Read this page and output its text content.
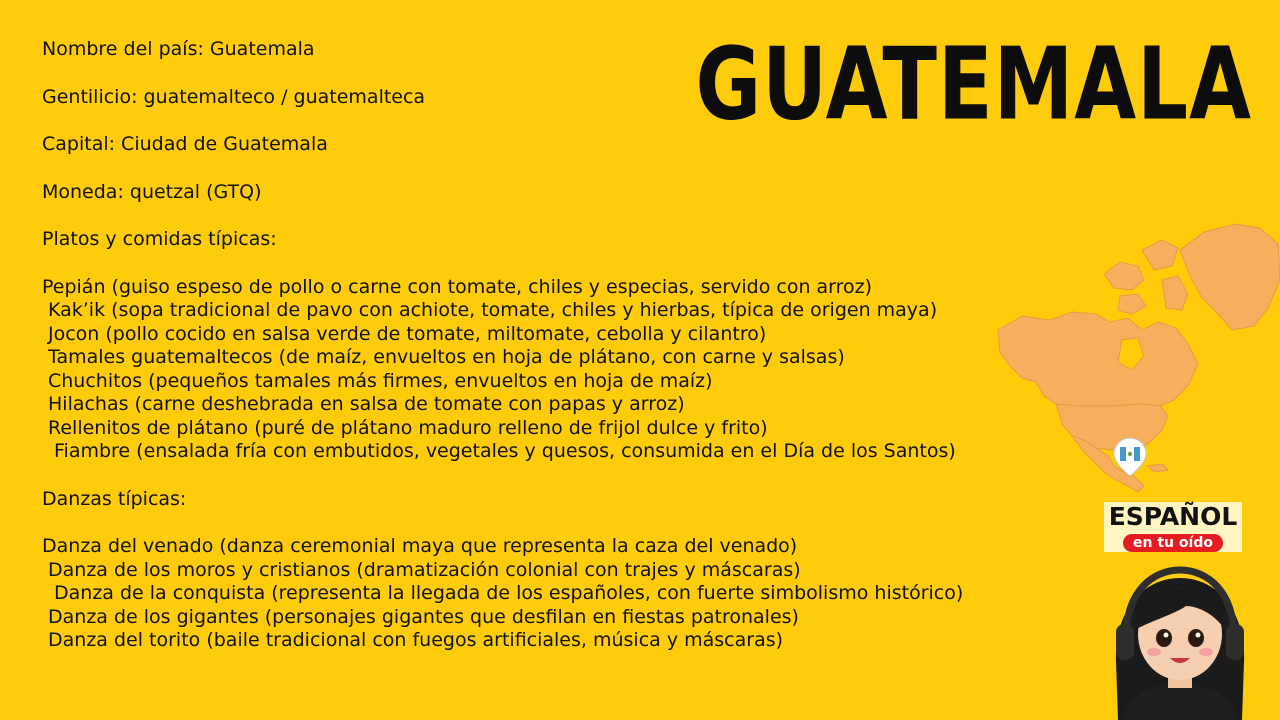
GUATEMALA

Nombre del país: Guatemala

Gentilicio: guatemalteco / guatemalteca

Capital: Ciudad de Guatemala

Moneda: quetzal (GTQ)

Platos y comidas típicas:

Pepián (guiso espeso de pollo o carne con tomate, chiles y especias, servido con arroz)

Kak’ik (sopa tradicional de pavo con achiote, tomate, chiles y hierbas, típica de origen maya)

Jocon (pollo cocido en salsa verde de tomate, miltomate, cebolla y cilantro)

Tamales guatemaltecos (de maíz, envueltos en hoja de plátano, con carne y salsas)

Chuchitos (pequeños tamales más firmes, envueltos en hoja de maíz)

Hilachas (carne deshebrada en salsa de tomate con papas y arroz)

Rellenitos de plátano (puré de plátano maduro relleno de frijol dulce y frito)

Fiambre (ensalada fría con embutidos, vegetales y quesos, consumida en el Día de los Santos)

Danzas típicas:

Danza del venado (danza ceremonial maya que representa la caza del venado)

Danza de los moros y cristianos (dramatización colonial con trajes y máscaras)

Danza de la conquista (representa la llegada de los españoles, con fuerte simbolismo histórico)

Danza de los gigantes (personajes gigantes que desfilan en fiestas patronales)

Danza del torito (baile tradicional con fuegos artificiales, música y máscaras)

ESPAÑOL
en tu oído
